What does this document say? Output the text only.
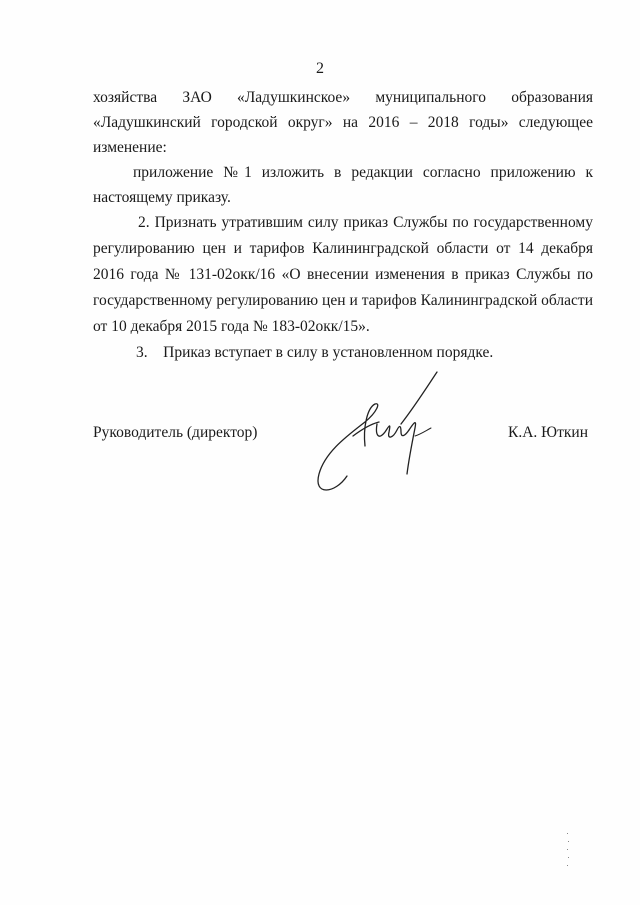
2
хозяйства ЗАО «Ладушкинское» муниципального образования
«Ладушкинский городской округ» на 2016 – 2018 годы» следующее
изменение:
приложение №1 изложить в редакции согласно приложению к
настоящему приказу.
2. Признать утратившим силу приказ Службы по государственному
регулированию цен и тарифов Калининградской области от 14 декабря
2016 года № 131-02окк/16 «О внесении изменения в приказ Службы по
государственному регулированию цен и тарифов Калининградской области
от 10 декабря 2015 года № 183-02окк/15».
3.    Приказ вступает в силу в установленном порядке.
Руководитель (директор)	К.А. Юткин
